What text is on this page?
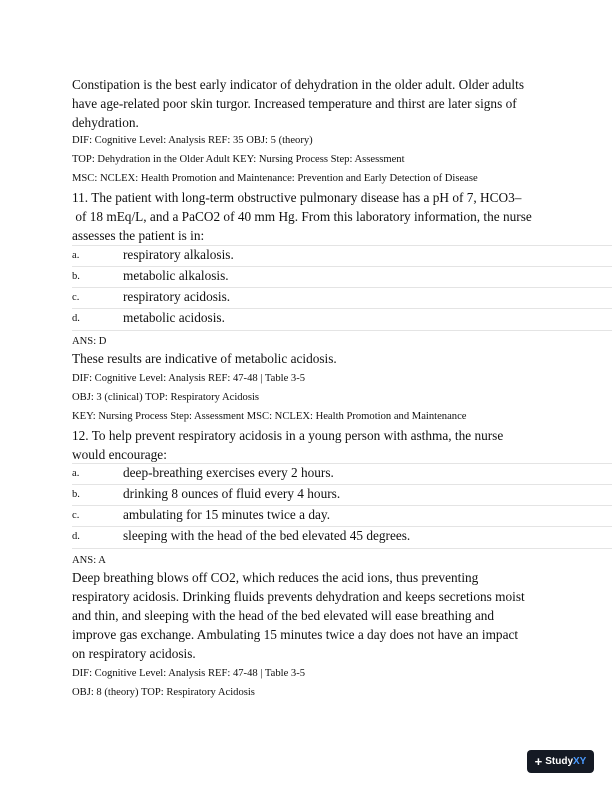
Constipation is the best early indicator of dehydration in the older adult. Older adults
have age-related poor skin turgor. Increased temperature and thirst are later signs of
dehydration.
DIF: Cognitive Level: Analysis REF: 35 OBJ: 5 (theory)
TOP: Dehydration in the Older Adult KEY: Nursing Process Step: Assessment
MSC: NCLEX: Health Promotion and Maintenance: Prevention and Early Detection of Disease
11. The patient with long-term obstructive pulmonary disease has a pH of 7, HCO3–
of 18 mEq/L, and a PaCO2 of 40 mm Hg. From this laboratory information, the nurse
assesses the patient is in:
a.	respiratory alkalosis.
b.	metabolic alkalosis.
c.	respiratory acidosis.
d.	metabolic acidosis.
ANS: D
These results are indicative of metabolic acidosis.
DIF: Cognitive Level: Analysis REF: 47-48 | Table 3-5
OBJ: 3 (clinical) TOP: Respiratory Acidosis
KEY: Nursing Process Step: Assessment MSC: NCLEX: Health Promotion and Maintenance
12. To help prevent respiratory acidosis in a young person with asthma, the nurse
would encourage:
a.	deep-breathing exercises every 2 hours.
b.	drinking 8 ounces of fluid every 4 hours.
c.	ambulating for 15 minutes twice a day.
d.	sleeping with the head of the bed elevated 45 degrees.
ANS: A
Deep breathing blows off CO2, which reduces the acid ions, thus preventing
respiratory acidosis. Drinking fluids prevents dehydration and keeps secretions moist
and thin, and sleeping with the head of the bed elevated will ease breathing and
improve gas exchange. Ambulating 15 minutes twice a day does not have an impact
on respiratory acidosis.
DIF: Cognitive Level: Analysis REF: 47-48 | Table 3-5
OBJ: 8 (theory) TOP: Respiratory Acidosis
+ Study XY
